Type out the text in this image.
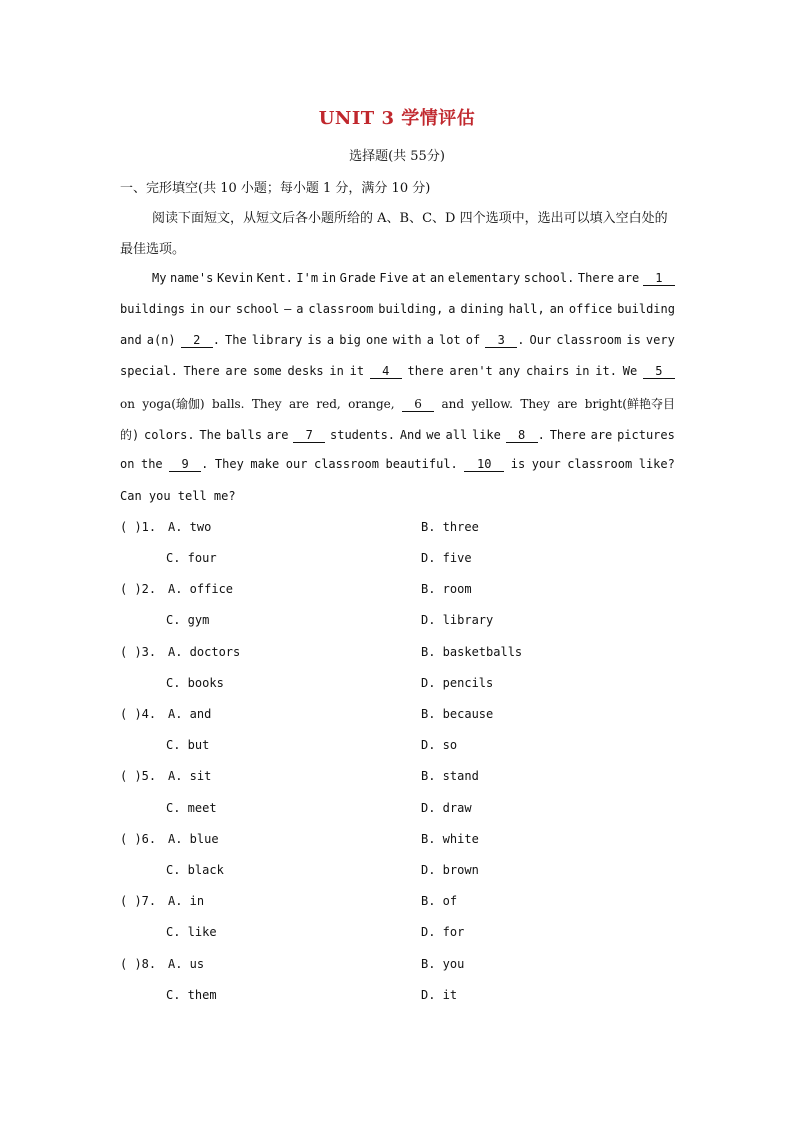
UNIT 3 学情评估
选择题(共 55分)
一、完形填空(共 10 小题；每小题 1 分，满分 10 分)
阅读下面短文，从短文后各小题所给的 A、B、C、D 四个选项中，选出可以填入空白处的最佳选项。
My name's Kevin Kent. I'm in Grade Five at an elementary school. There are	1
buildings in our school — a classroom building, a dining hall, an office building
and a(n)	2 . The library is a big one with a lot of	3 . Our classroom is very
special. There are some desks in it	4	there aren't any chairs in it. We	5
on yoga(瑜伽) balls. They are red, orange,	6	and yellow. They are bright(鲜艳夺目
的) colors. The balls are	7	students. And we all like	8 . There are pictures
on the	9 . They make our classroom beautiful.	10	is your classroom like?
Can you tell me?
( )1. A. two	B. three
C. four	D. five
( )2. A. office	B. room
C. gym	D. library
( )3. A. doctors	B. basketballs
C. books	D. pencils
( )4. A. and	B. because
C. but	D. so
( )5. A. sit	B. stand
C. meet	D. draw
( )6. A. blue	B. white
C. black	D. brown
( )7. A. in	B. of
C. like	D. for
( )8. A. us	B. you
C. them	D. it
